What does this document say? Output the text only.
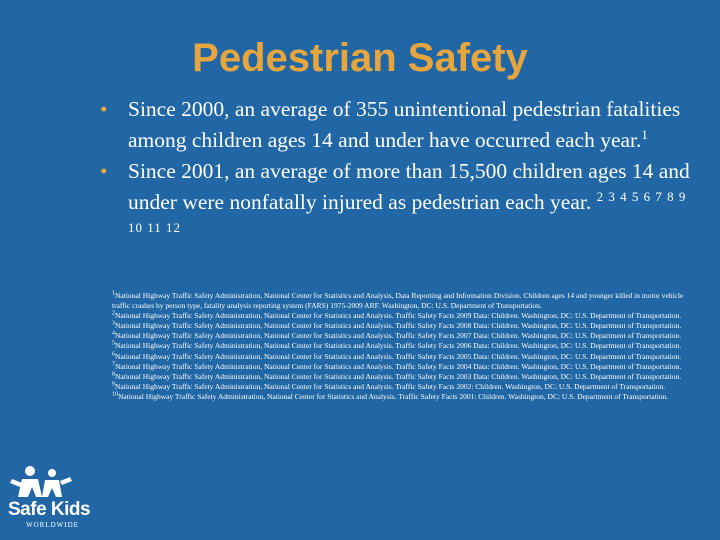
Pedestrian Safety
• Since 2000, an average of 355 unintentional pedestrian fatalities among children ages 14 and under have occurred each year.$^1$
• Since 2001, an average of more than 15,500 children ages 14 and under were nonfatally injured as pedestrian each year. $^{2 3 4 5 6 7 8 9 10 11 12}$
$^1$National Highway Traffic Safety Administration, National Center for Statistics and Analysis, Data Reporting and Information Division. Children ages 14 and younger killed in motor vehicle traffic crashes by person type, fatality analysis reporting system (FARS) 1975-2009 ARF. Washington, DC: U.S. Department of Transportation.
$^2$National Highway Traffic Safety Administration, National Center for Statistics and Analysis. Traffic Safety Facts 2009 Data: Children. Washington, DC: U.S. Department of Transportation.
$^3$National Highway Traffic Safety Administration, National Center for Statistics and Analysis. Traffic Safety Facts 2008 Data: Children. Washington, DC: U.S. Department of Transportation.
$^4$National Highway Traffic Safety Administration, National Center for Statistics and Analysis. Traffic Safety Facts 2007 Data: Children. Washington, DC: U.S. Department of Transportation.
$^5$National Highway Traffic Safety Administration, National Center for Statistics and Analysis. Traffic Safety Facts 2006 Data: Children. Washington, DC: U.S. Department of Transportation.
$^6$National Highway Traffic Safety Administration, National Center for Statistics and Analysis. Traffic Safety Facts 2005 Data: Children. Washington, DC: U.S. Department of Transportation.
$^7$National Highway Traffic Safety Administration, National Center for Statistics and Analysis. Traffic Safety Facts 2004 Data: Children. Washington, DC: U.S. Department of Transportation.
$^8$National Highway Traffic Safety Administration, National Center for Statistics and Analysis. Traffic Safety Facts 2003 Data: Children. Washington, DC: U.S. Department of Transportation.
$^9$National Highway Traffic Safety Administration, National Center for Statistics and Analysis. Traffic Safety Facts 2002: Children. Washington, DC: U.S. Department of Transportation.
$^{10}$National Highway Traffic Safety Administration, National Center for Statistics and Analysis. Traffic Safety Facts 2001: Children. Washington, DC: U.S. Department of Transportation.
Safe Kids
WORLDWIDE
